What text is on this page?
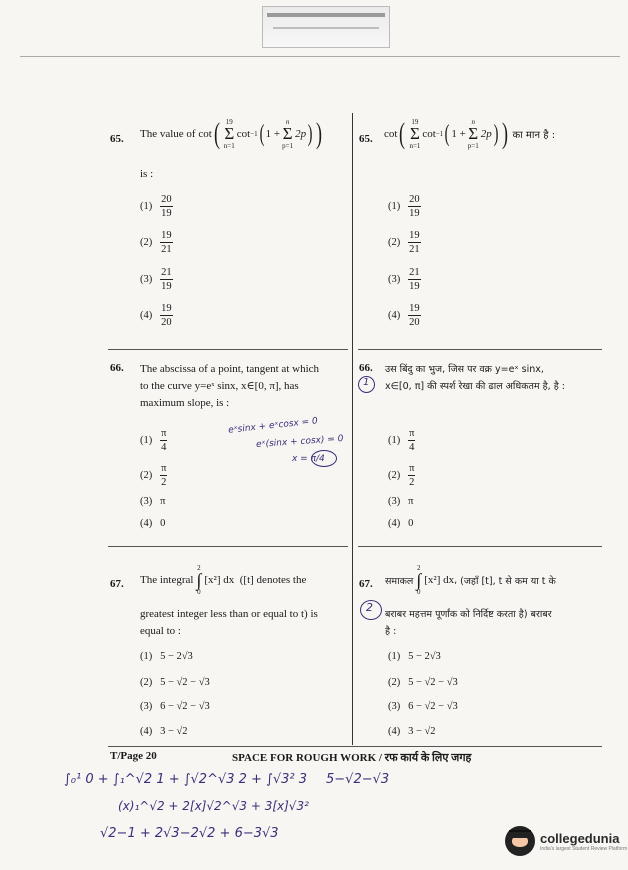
65. The value of
cot ( 19
Σ
n=1
cot −1 ( 1 +
n
Σ
p=1
2p ) )
is :
$(1) \frac{20}{19}$
$(2) \frac{19}{21}$
$(3) \frac{21}{19}$
$(4) \frac{19}{20}$
65. cot ( 19
Σ
n=1
cot −1 ( 1 +
n
Σ
p=1
2p ) )
का मान है :
$(1) \frac{20}{19}$
$(2) \frac{19}{21}$
$(3) \frac{21}{19}$
$(4) \frac{19}{20}$
66. The abscissa of a point, tangent at which
to the curve y=eˣ sinx, x∈[0, π], has
maximum slope, is :
$(1) \frac{\pi}{4}$
$(2) \frac{\pi}{2}$
(3) π
(4) 0
66. उस बिंदु का भुज, जिस पर वक्र y=eˣ sinx,
x∈[0, π] की स्पर्श रेखा की ढाल अधिकतम है, है :
$(1) \frac{\pi}{4}$
$(2) \frac{\pi}{2}$
(3) π
(4) 0
67. The integral
2
∫
0
[x²] dx
([t] denotes the
greatest integer less than or equal to t) is
equal to :
(1) 5 − 2√3
(2) 5 − √2 − √3
(3) 6 − √2 − √3
(4) 3 − √2
67. समाकल
2
∫
0
[x²] dx , (जहाँ [t], t से कम या t के
बराबर महत्तम पूर्णांक को निर्दिष्ट करता है) बराबर
है :
(1) 5 − 2√3
(2) 5 − √2 − √3
(3) 6 − √2 − √3
(4) 3 − √2
T/Page 20	SPACE FOR ROUGH WORK / रफ कार्य के लिए जगह
eˣsinx + eˣcosx = 0
eˣ(sinx + cosx) = 0
x = π/4
1
2
∫₀¹ 0 + ∫₁^√2 1 + ∫√2^√3 2 + ∫√3² 3 5−√2−√3
(x)₁^√2 + 2[x]√2^√3 + 3[x]√3²
√2−1 + 2√3−2√2 + 6−3√3	collegedunia
India's largest Student Review Platform
